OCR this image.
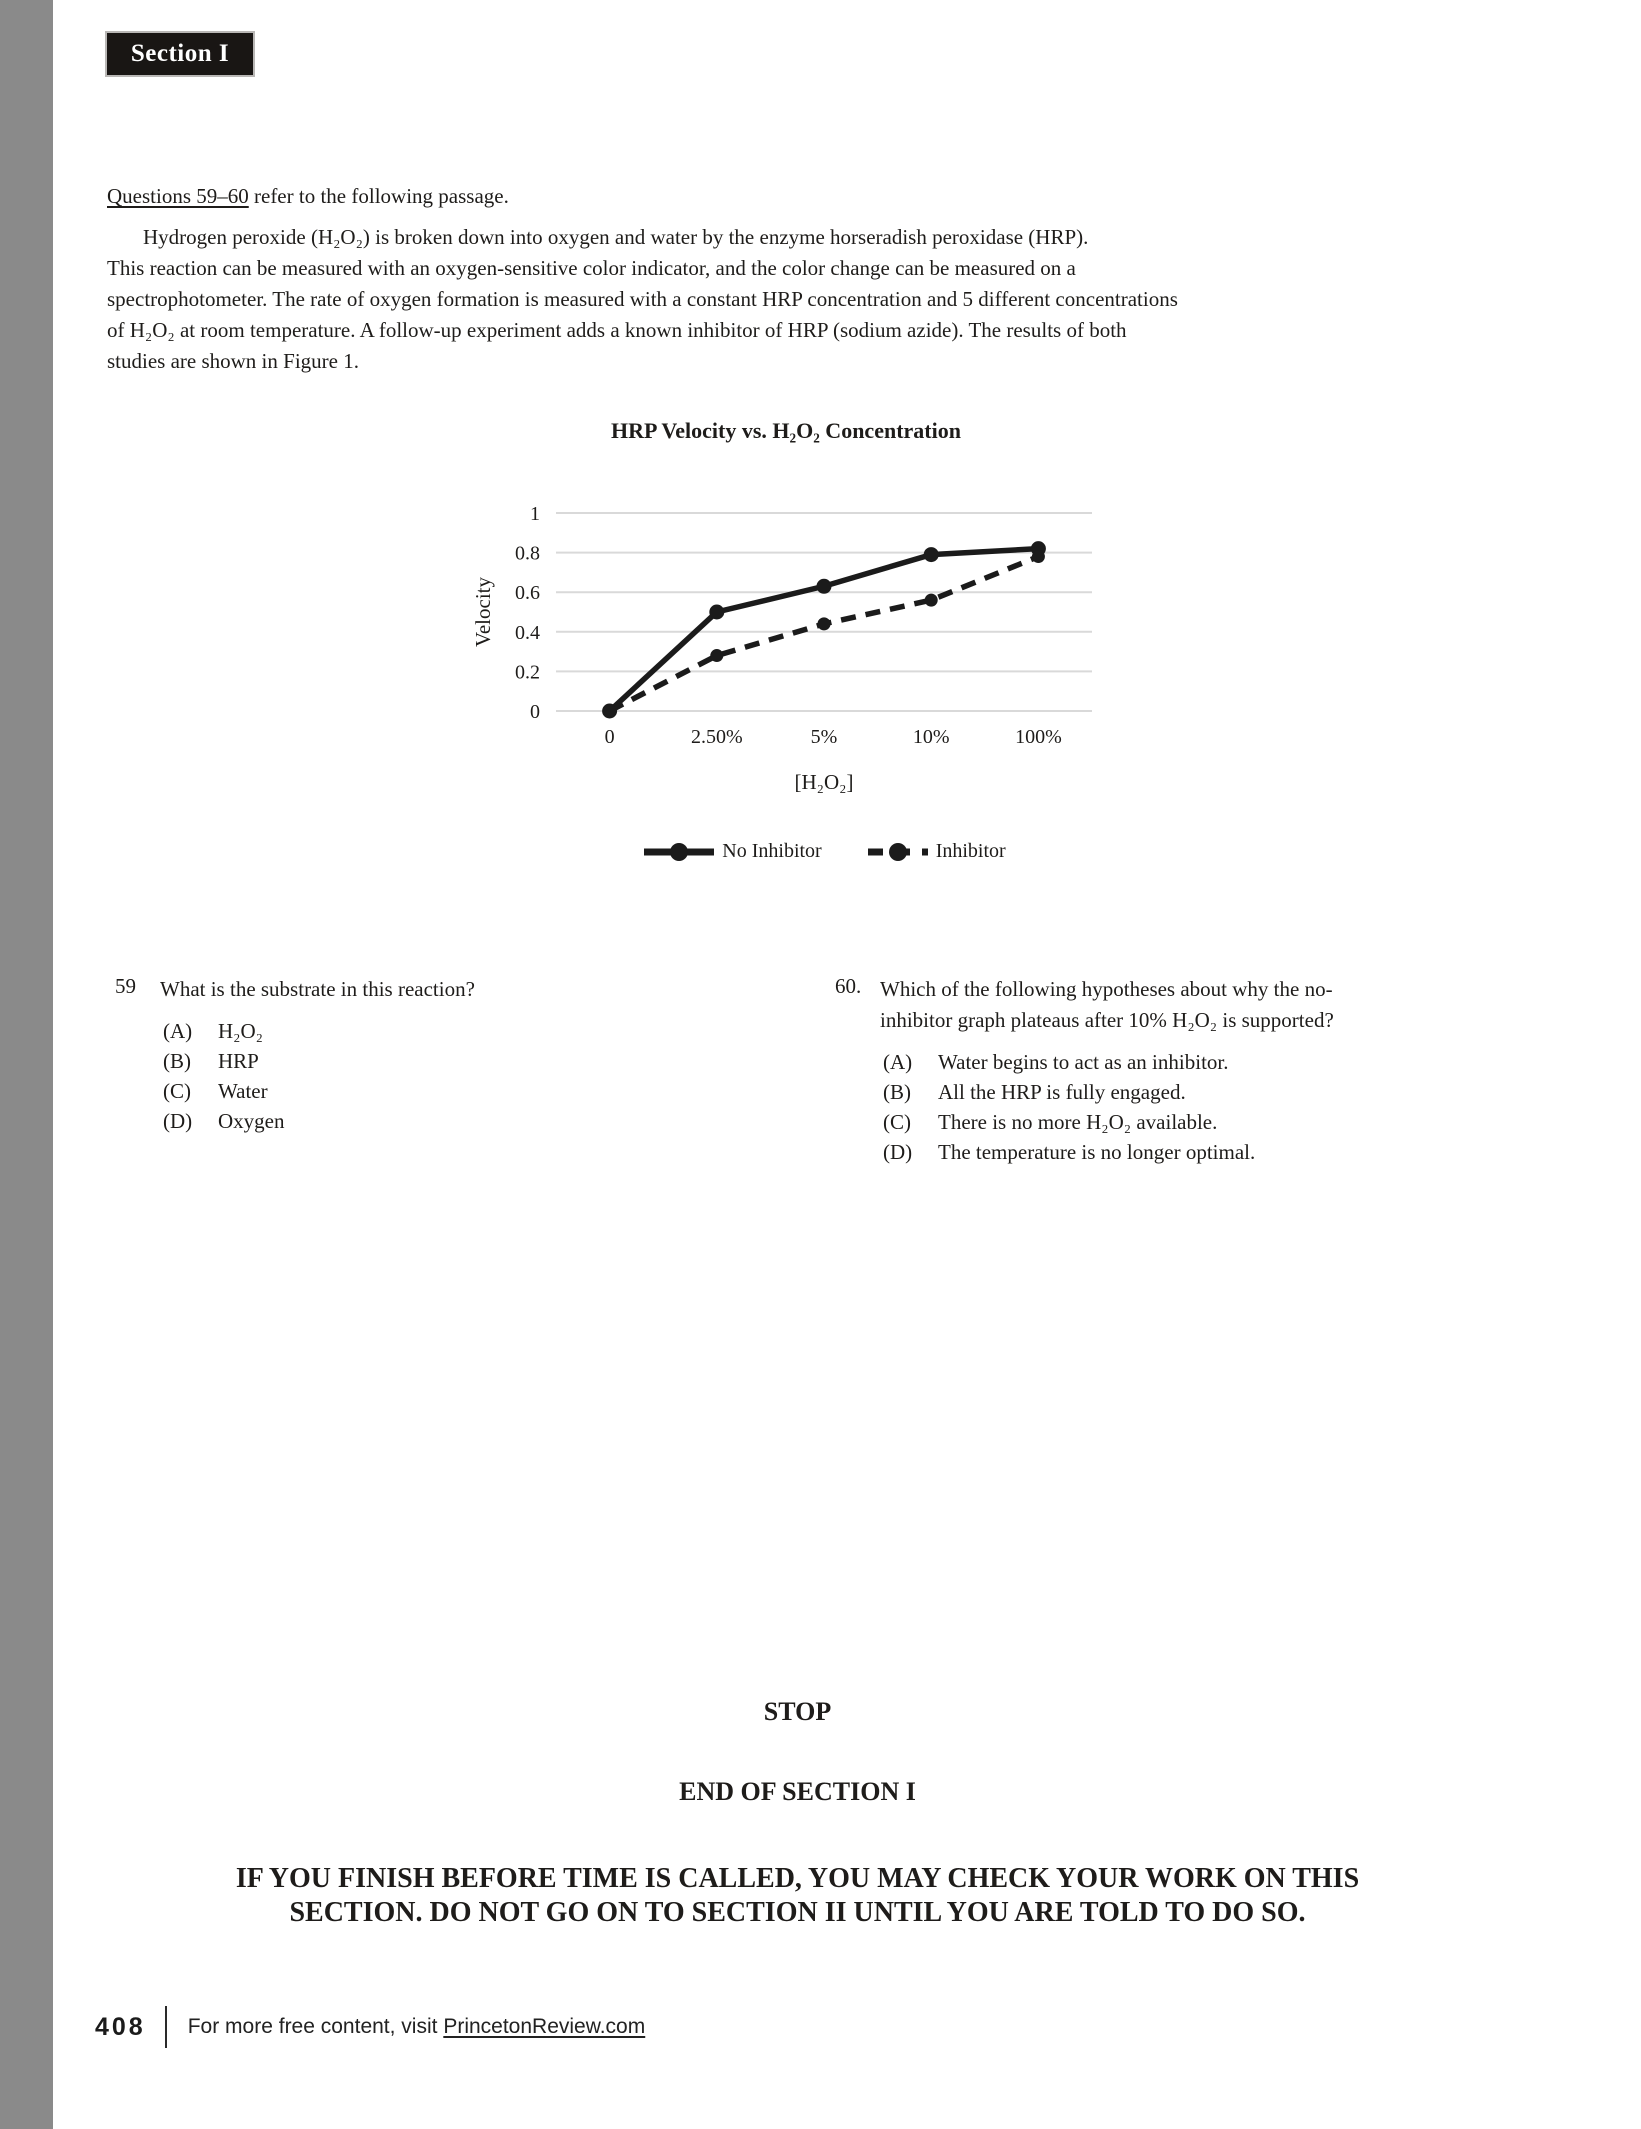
Section I
Questions 59–60 refer to the following passage.
Hydrogen peroxide (H₂O₂) is broken down into oxygen and water by the enzyme horseradish peroxidase (HRP).
This reaction can be measured with an oxygen-sensitive color indicator, and the color change can be measured on a
spectrophotometer. The rate of oxygen formation is measured with a constant HRP concentration and 5 different concentrations
of H₂O₂ at room temperature. A follow-up experiment adds a known inhibitor of HRP (sodium azide). The results of both
studies are shown in Figure 1.
HRP Velocity vs. H₂O₂ Concentration
0
0.2
0.4
0.6
0.8
1
0	2.50%	5%	10%	100%
Velocity
[H₂O₂]
No Inhibitor	Inhibitor
59	What is the substrate in this reaction?
(A)	H₂O₂
(B)	HRP
(C)	Water
(D)	Oxygen
60. Which of the following hypotheses about why the no-
inhibitor graph plateaus after 10% H₂O₂ is supported?
(A)	Water begins to act as an inhibitor.
(B)	All the HRP is fully engaged.
(C)	There is no more H₂O₂ available.
(D)	The temperature is no longer optimal.
STOP
END OF SECTION I
IF YOU FINISH BEFORE TIME IS CALLED, YOU MAY CHECK YOUR WORK ON THIS
SECTION. DO NOT GO ON TO SECTION II UNTIL YOU ARE TOLD TO DO SO.
408 For more free content, visit PrincetonReview.com
